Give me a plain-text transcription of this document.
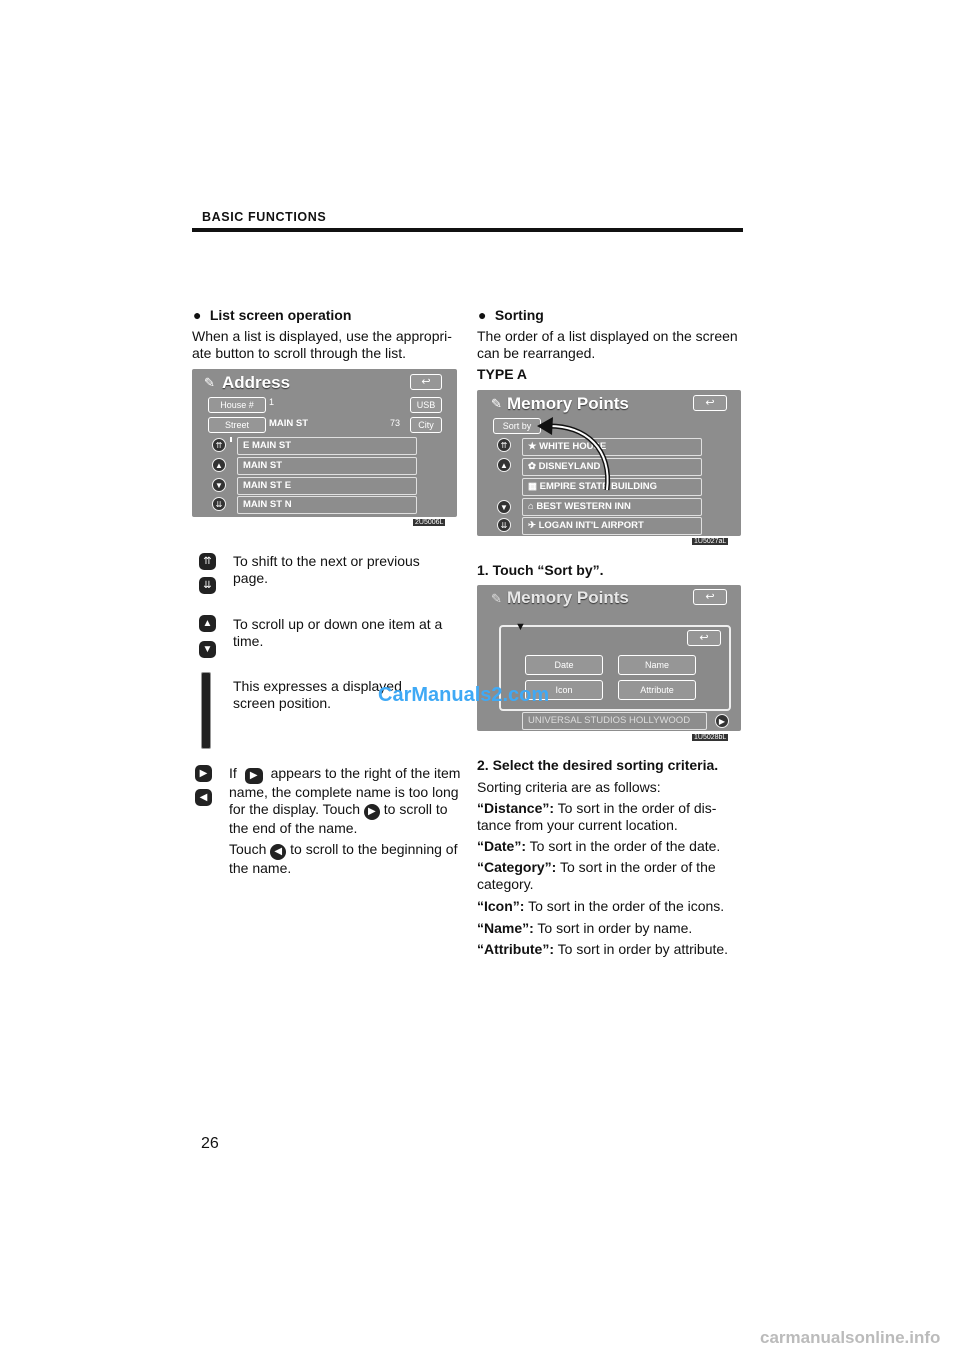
BASIC FUNCTIONS
●  List screen operation
When a list is displayed, use the appropri-ate button to scroll through the list.
✎ Address	↩
House #	1	USB
Street	MAIN ST	73	City
⇈
▲
▼
⇊
E MAIN ST
MAIN ST
MAIN ST E
MAIN ST N
2U5006L
⇈
⇊
To shift to the next or previous page.
▲
▼
To scroll up or down one item at a time.
This expresses a displayed screen position.
▶
◀
If ▶ appears to the right of the item name, the complete name is too long for the display. Touch ▶ to scroll to the end of the name.
Touch ◀ to scroll to the beginning of the name.
●  Sorting
The order of a list displayed on the screen can be rearranged.
TYPE A
✎ Memory Points	↩
Sort by
⇈
▲
▼
⇊
★ WHITE HOUSE
✿ DISNEYLAND
▦ EMPIRE STATE BUILDING
⌂ BEST WESTERN INN
✈ LOGAN INT'L AIRPORT
1U5027aL
1. Touch “Sort by”.
✎ Memory Points	↩
▼
↩
Date	Name
Icon	Attribute
UNIVERSAL STUDIOS HOLLYWOOD	▶
1U5028bL
2. Select the desired sorting criteria.
Sorting criteria are as follows:
“Distance”: To sort in the order of dis-tance from your current location.
“Date”: To sort in the order of the date.
“Category”: To sort in the order of the category.
“Icon”: To sort in the order of the icons.
“Name”: To sort in order by name.
“Attribute”: To sort in order by attribute.
CarManuals2.com
26
carmanualsonline.info
